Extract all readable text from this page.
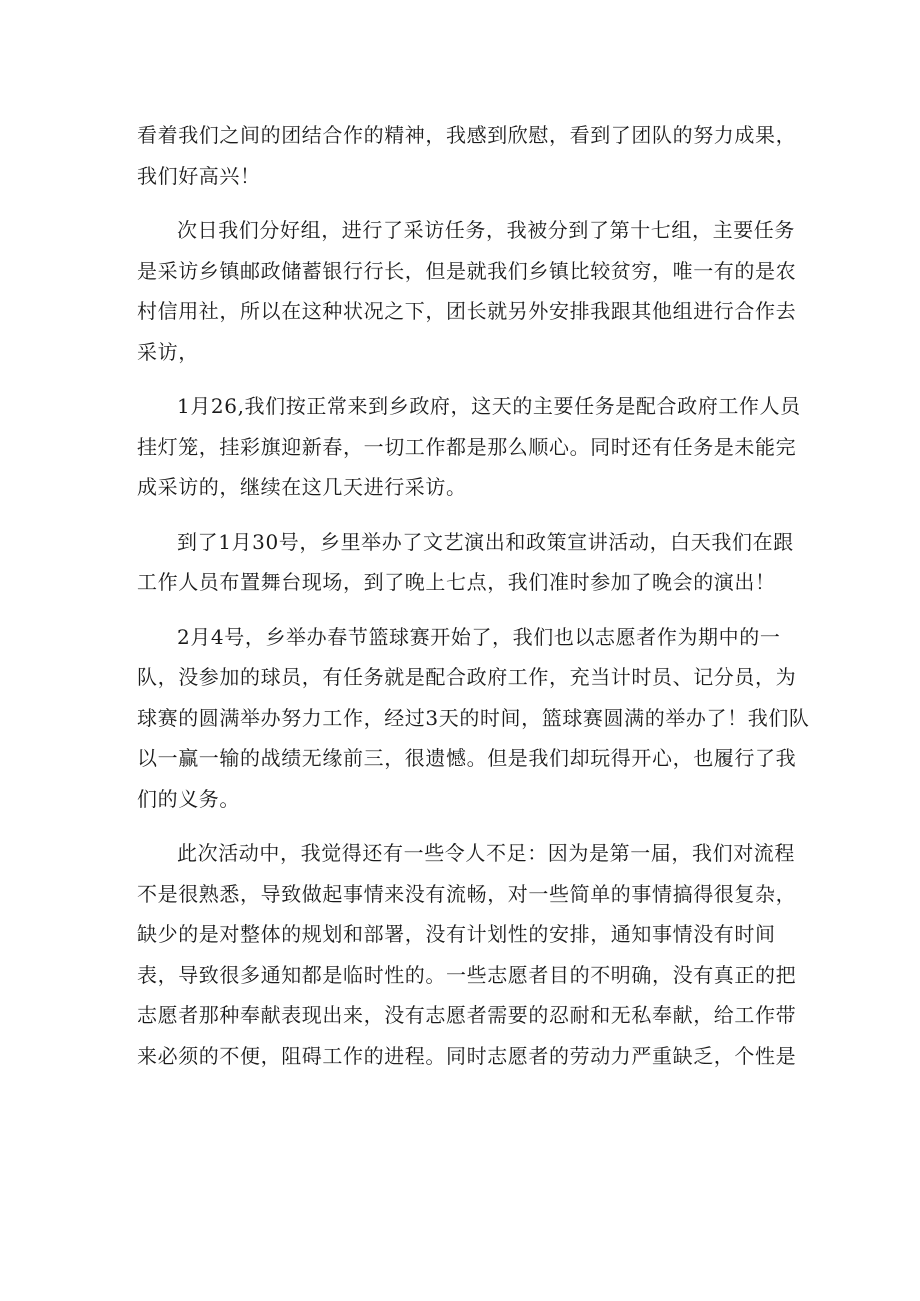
看着我们之间的团结合作的精神，我感到欣慰，看到了团队的努力成果，
我们好高兴！
次日我们分好组，进行了采访任务，我被分到了第十七组，主要任务
是采访乡镇邮政储蓄银行行长，但是就我们乡镇比较贫穷，唯一有的是农
村信用社，所以在这种状况之下，团长就另外安排我跟其他组进行合作去
采访，
1月26,我们按正常来到乡政府，这天的主要任务是配合政府工作人员
挂灯笼，挂彩旗迎新春，一切工作都是那么顺心。同时还有任务是未能完
成采访的，继续在这几天进行采访。
到了1月30号，乡里举办了文艺演出和政策宣讲活动，白天我们在跟
工作人员布置舞台现场，到了晚上七点，我们准时参加了晚会的演出！
2月4号，乡举办春节篮球赛开始了，我们也以志愿者作为期中的一
队，没参加的球员，有任务就是配合政府工作，充当计时员、记分员，为
球赛的圆满举办努力工作，经过3天的时间，篮球赛圆满的举办了！我们队
以一赢一输的战绩无缘前三，很遗憾。但是我们却玩得开心，也履行了我
们的义务。
此次活动中，我觉得还有一些令人不足：因为是第一届，我们对流程
不是很熟悉，导致做起事情来没有流畅，对一些简单的事情搞得很复杂，
缺少的是对整体的规划和部署，没有计划性的安排，通知事情没有时间
表，导致很多通知都是临时性的。一些志愿者目的不明确，没有真正的把
志愿者那种奉献表现出来，没有志愿者需要的忍耐和无私奉献，给工作带
来必须的不便，阻碍工作的进程。同时志愿者的劳动力严重缺乏，个性是
